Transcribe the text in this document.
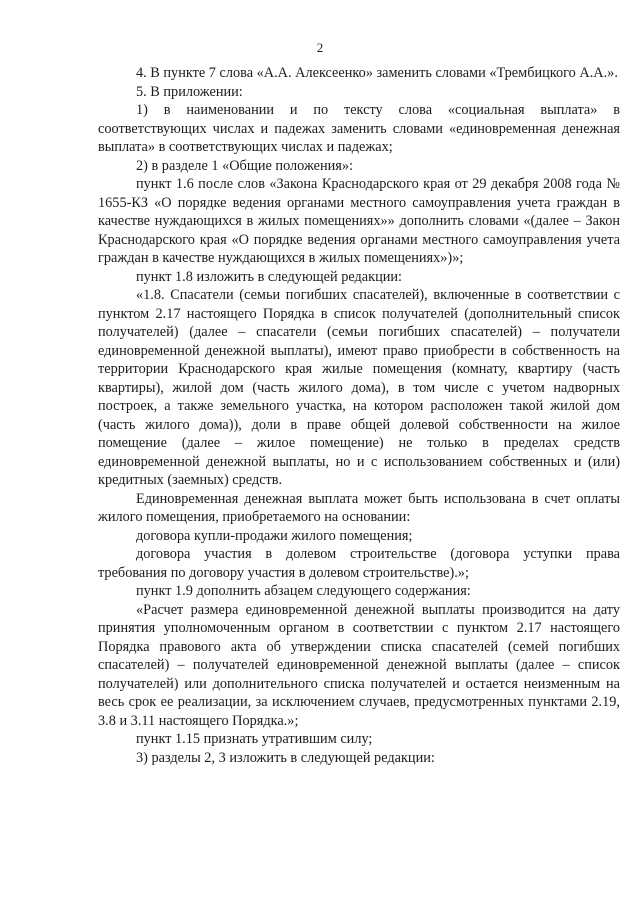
2

4. В пункте 7 слова «А.А. Алексеенко» заменить словами «Трембицкого А.А.».

5. В приложении:

1) в наименовании и по тексту слова «социальная выплата» в соответствующих числах и падежах заменить словами «единовременная денежная выплата» в соответствующих числах и падежах;

2) в разделе 1 «Общие положения»:

пункт 1.6 после слов «Закона Краснодарского края от 29 декабря 2008 года № 1655-КЗ «О порядке ведения органами местного самоуправления учета граждан в качестве нуждающихся в жилых помещениях»» дополнить словами «(далее – Закон Краснодарского края «О порядке ведения органами местного самоуправления учета граждан в качестве нуждающихся в жилых помещениях»)»;

пункт 1.8 изложить в следующей редакции:

«1.8. Спасатели (семьи погибших спасателей), включенные в соответствии с пунктом 2.17 настоящего Порядка в список получателей (дополнительный список получателей) (далее – спасатели (семьи погибших спасателей) – получатели единовременной денежной выплаты), имеют право приобрести в собственность на территории Краснодарского края жилые помещения (комнату, квартиру (часть квартиры), жилой дом (часть жилого дома), в том числе с учетом надворных построек, а также земельного участка, на котором расположен такой жилой дом (часть жилого дома)), доли в праве общей долевой собственности на жилое помещение (далее – жилое помещение) не только в пределах средств единовременной денежной выплаты, но и с использованием собственных и (или) кредитных (заемных) средств.

Единовременная денежная выплата может быть использована в счет оплаты жилого помещения, приобретаемого на основании:

договора купли-продажи жилого помещения;

договора участия в долевом строительстве (договора уступки права требования по договору участия в долевом строительстве).»;

пункт 1.9 дополнить абзацем следующего содержания:

«Расчет размера единовременной денежной выплаты производится на дату принятия уполномоченным органом в соответствии с пунктом 2.17 настоящего Порядка правового акта об утверждении списка спасателей (семей погибших спасателей) – получателей единовременной денежной выплаты (далее – список получателей) или дополнительного списка получателей и остается неизменным на весь срок ее реализации, за исключением случаев, предусмотренных пунктами 2.19, 3.8 и 3.11 настоящего Порядка.»;

пункт 1.15 признать утратившим силу;

3) разделы 2, 3 изложить в следующей редакции:
